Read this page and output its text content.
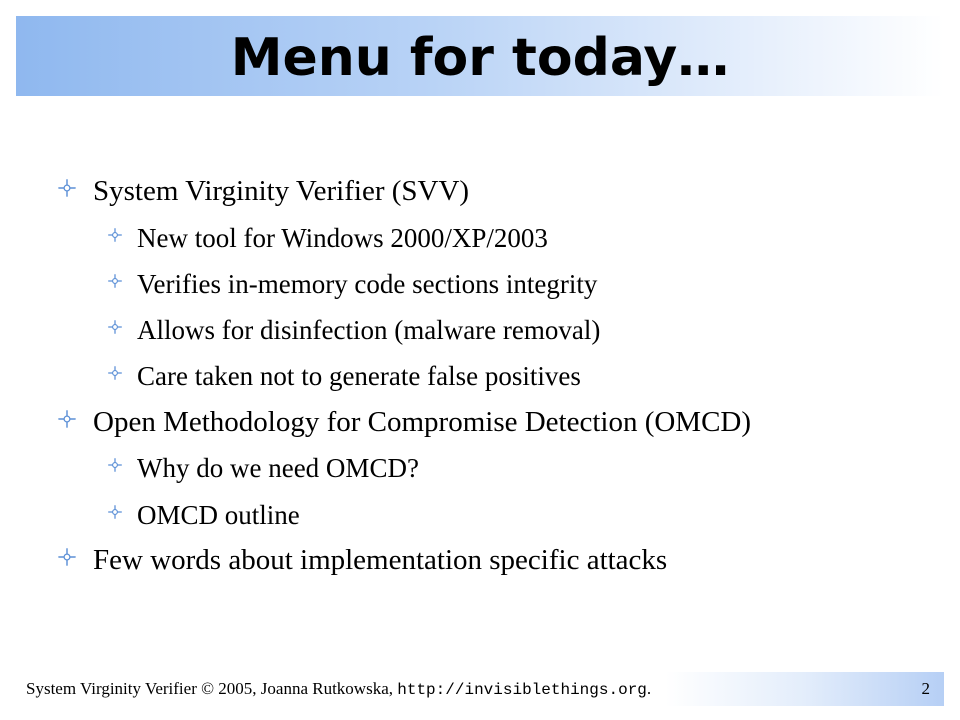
Menu for today…
System Virginity Verifier (SVV)
New tool for Windows 2000/XP/2003
Verifies in-memory code sections integrity
Allows for disinfection (malware removal)
Care taken not to generate false positives
Open Methodology for Compromise Detection (OMCD)
Why do we need OMCD?
OMCD outline
Few words about implementation specific attacks
System Virginity Verifier © 2005, Joanna Rutkowska, http://invisiblethings.org.	2
